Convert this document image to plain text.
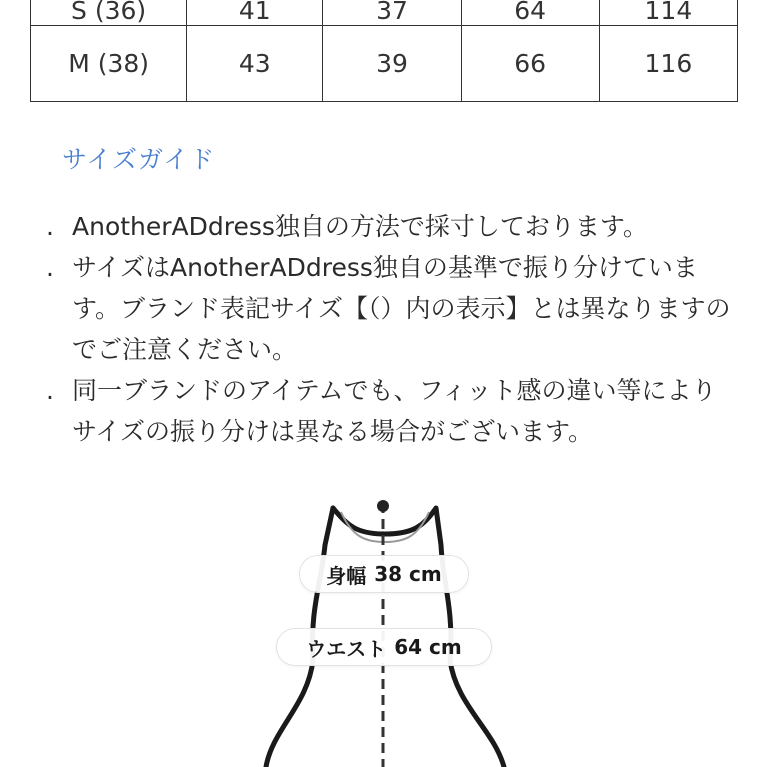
S (36)	41	37	64	114
M (38)	43	39	66	116
サイズガイド
. AnotherADdress独自の方法で採寸しております。
. サイズはAnotherADdress独自の基準で振り分けています。ブランド表記サイズ【（）内の表示】とは異なりますのでご注意ください。
. 同一ブランドのアイテムでも、フィット感の違い等によりサイズの振り分けは異なる場合がございます。
身幅 38 cm
ウエスト 64 cm
